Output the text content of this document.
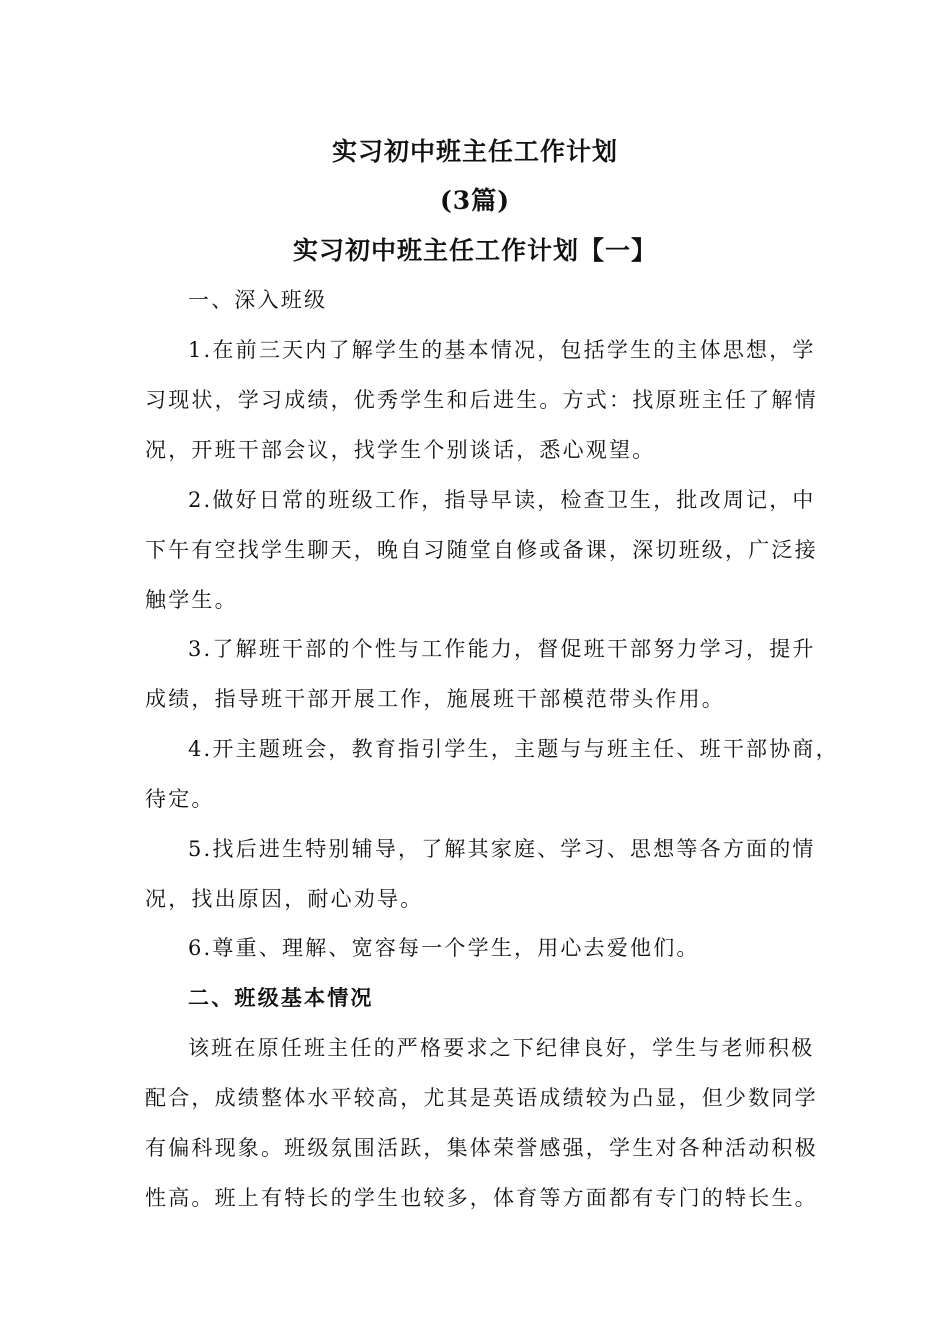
实习初中班主任工作计划
(3篇)
实习初中班主任工作计划【一】
一、深入班级
1.在前三天内了解学生的基本情况，包括学生的主体思想，学
习现状，学习成绩，优秀学生和后进生。方式：找原班主任了解情
况，开班干部会议，找学生个别谈话，悉心观望。
2.做好日常的班级工作，指导早读，检查卫生，批改周记，中
下午有空找学生聊天，晚自习随堂自修或备课，深切班级，广泛接
触学生。
3.了解班干部的个性与工作能力，督促班干部努力学习，提升
成绩，指导班干部开展工作，施展班干部模范带头作用。
4.开主题班会，教育指引学生，主题与与班主任、班干部协商，
待定。
5.找后进生特别辅导，了解其家庭、学习、思想等各方面的情
况，找出原因，耐心劝导。
6.尊重、理解、宽容每一个学生，用心去爱他们。
二、班级基本情况
该班在原任班主任的严格要求之下纪律良好，学生与老师积极
配合，成绩整体水平较高，尤其是英语成绩较为凸显，但少数同学
有偏科现象。班级氛围活跃，集体荣誉感强，学生对各种活动积极
性高。班上有特长的学生也较多，体育等方面都有专门的特长生。
